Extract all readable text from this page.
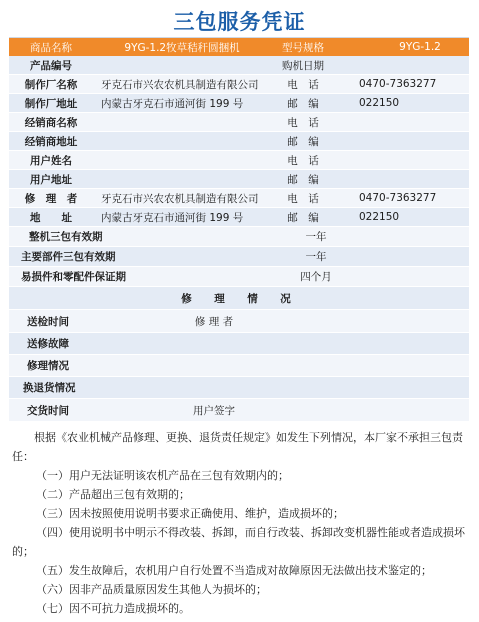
三包服务凭证
商品名称	9YG-1.2牧草秸秆圆捆机	型号规格	9YG-1.2
产品编号	购机日期
制作厂名称	牙克石市兴农农机具制造有限公司	电　话	0470-7363277
制作厂地址	内蒙古牙克石市通河街 199 号	邮　编	022150
经销商名称	电　话
经销商地址	邮　编
用户姓名	电　话
用户地址	邮　编
修　理　者	牙克石市兴农农机具制造有限公司	电　话	0470-7363277
地　　址	内蒙古牙克石市通河街 199 号	邮　编	022150
整机三包有效期	一年
主要部件三包有效期	一年
易损件和零配件保证期	四个月
修　理　情　况
送检时间	修 理 者
送修故障
修理情况
换退货情况
交货时间	用户签字

根据《农业机械产品修理、更换、退货责任规定》如发生下列情况，本厂家不承担三包责任：

（一）用户无法证明该农机产品在三包有效期内的；

（二）产品超出三包有效期的；

（三）因未按照使用说明书要求正确使用、维护，造成损坏的；

（四）使用说明书中明示不得改装、拆卸，而自行改装、拆卸改变机器性能或者造成损坏的；

（五）发生故障后，农机用户自行处置不当造成对故障原因无法做出技术鉴定的；

（六）因非产品质量原因发生其他人为损坏的；

（七）因不可抗力造成损坏的。
